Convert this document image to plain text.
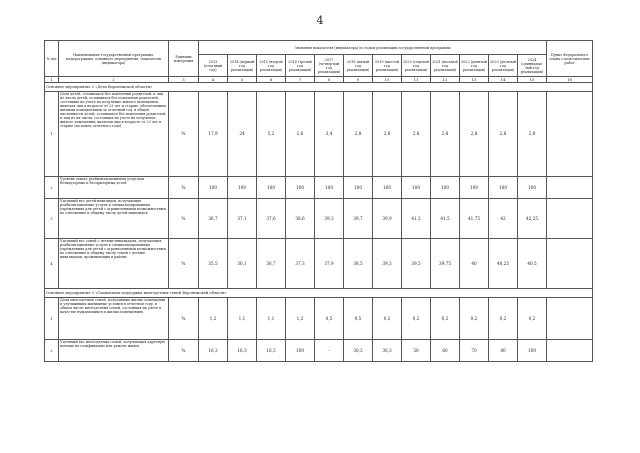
4
№ п/п	Наименование государственной программы, подпрограммы, основного мероприятия, показателя (индикатора)	Единицы измерения	Значения показателя (индикатора) по годам реализации государственной программы												Пункт Федерального плана статистических работ
			2013 (отчетный год)	2014 (первый год реализации)	2015 (второй год реализации)	2016 (третий год реализации)	2017 (четвертый год реализации)	2018 (пятый год реализации)	2019 (шестой год реализации)	2020 (седьмой год реализации)	2021 (восьмой год реализации)	2022 (девятый год реализации)	2023 (десятый год реализации)	2024 (одиннадца-тый год реализации)	
1	2	3	4	5	6	7	8	9	10	11	12	13	14	15	16
Основное мероприятие 2 «Дети Воронежской области»															
1	Доля детей, оставшихся без попечения родителей, и лиц из числа детей, оставшихся без попечения родителей, состоящих на учете на получение жилого помещения, включая лиц в возрасте от 23 лет и старше, обеспеченных жилыми помещениями за отчетный год, в общей численности детей, оставшихся без попечения родителей, и лиц из их числа, состоящих на учете на получение жилого помещения, включая лиц в возрасте от 23 лет и старше (на конец отчетного года)	%	17,9	24	5,2	2,6	3,4	2,8	2,8	2,8	2,8	2,8	2,8	2,8	
2	Уровень охвата реабилитационными услугами безнадзорных и беспризорных детей	%	100	100	100	100	100	100	100	100	100	100	100	100	
3	Удельный вес детей-инвалидов, получающих реабилитационные услуги в специализированных учреждениях для детей с ограниченными возможностями, по отношению к общему числу детей-инвалидов	%	36,7	37,1	37,6	38,6	39,3	39,7	39,9	41,2	41,5	41,75	42	42,25	
4	Удельный вес семей с детьми-инвалидами, получающих реабилитационные услуги в специализированных учреждениях для детей с ограниченными возможностями, по отношению к общему числу семей с детьми-инвалидами, проживающих в районе	%	35,5	36,1	36,7	37,3	37,9	38,5	39,3	39,5	39,75	40	40,25	40,5	
Основное мероприятие 3 «Социальная поддержка многодетных семей Воронежской области»															
1	Доля многодетных семей, получивших жилые помещения и улучшивших жилищные условия в отчетном году, в общем числе многодетных семей, состоящих на учете в качестве нуждающихся в жилых помещениях	%	1,2	1,1	1,1	1,2	0,5	0,5	0,2	0,2	0,2	0,2	0,2	0,2	
2	Удельный вес многодетных семей, получающих адресную помощь на газификацию или ремонт жилья	%	16,3	16,3	16,3	100	-	30,3	30,3	50	60	70	80	100	
